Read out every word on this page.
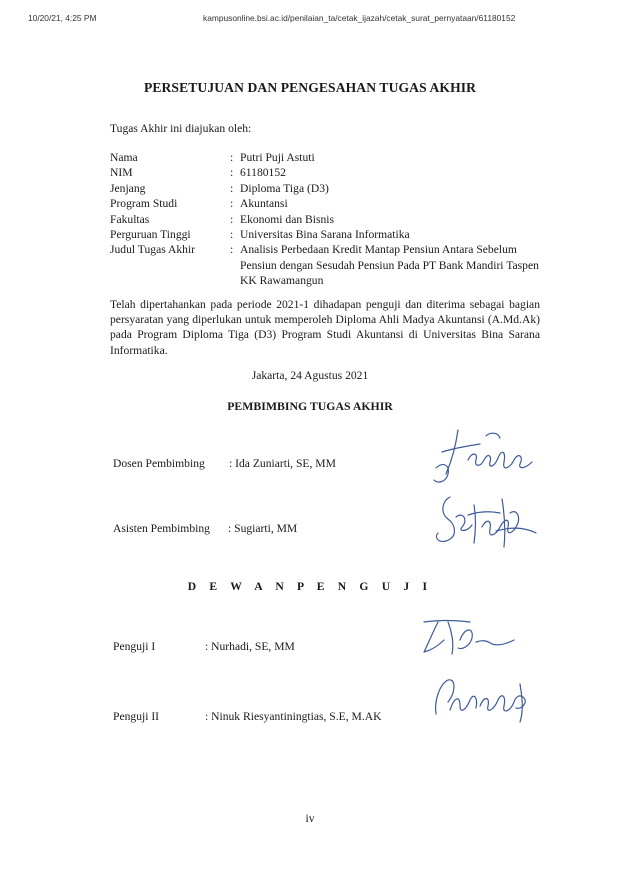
10/20/21, 4:25 PM	kampusonline.bsi.ac.id/penilaian_ta/cetak_ijazah/cetak_surat_pernyataan/61180152
PERSETUJUAN DAN PENGESAHAN TUGAS AKHIR
Tugas Akhir ini diajukan oleh:
Nama	: Putri Puji Astuti
NIM	: 61180152
Jenjang	: Diploma Tiga (D3)
Program Studi	: Akuntansi
Fakultas	: Ekonomi dan Bisnis
Perguruan Tinggi	: Universitas Bina Sarana Informatika
Judul Tugas Akhir	: Analisis Perbedaan Kredit Mantap Pensiun Antara Sebelum Pensiun dengan Sesudah Pensiun Pada PT Bank Mandiri Taspen KK Rawamangun
Telah dipertahankan pada periode 2021-1 dihadapan penguji dan diterima sebagai bagian persyaratan yang diperlukan untuk memperoleh Diploma Ahli Madya Akuntansi (A.Md.Ak) pada Program Diploma Tiga (D3) Program Studi Akuntansi di Universitas Bina Sarana Informatika.
Jakarta, 24 Agustus 2021
PEMBIMBING TUGAS AKHIR
Dosen Pembimbing : Ida Zuniarti, SE, MM
Asisten Pembimbing : Sugiarti, MM
D E W A N P E N G U J I
Penguji I	: Nurhadi, SE, MM
Penguji II	: Ninuk Riesyantiningtias, S.E, M.AK
iv
